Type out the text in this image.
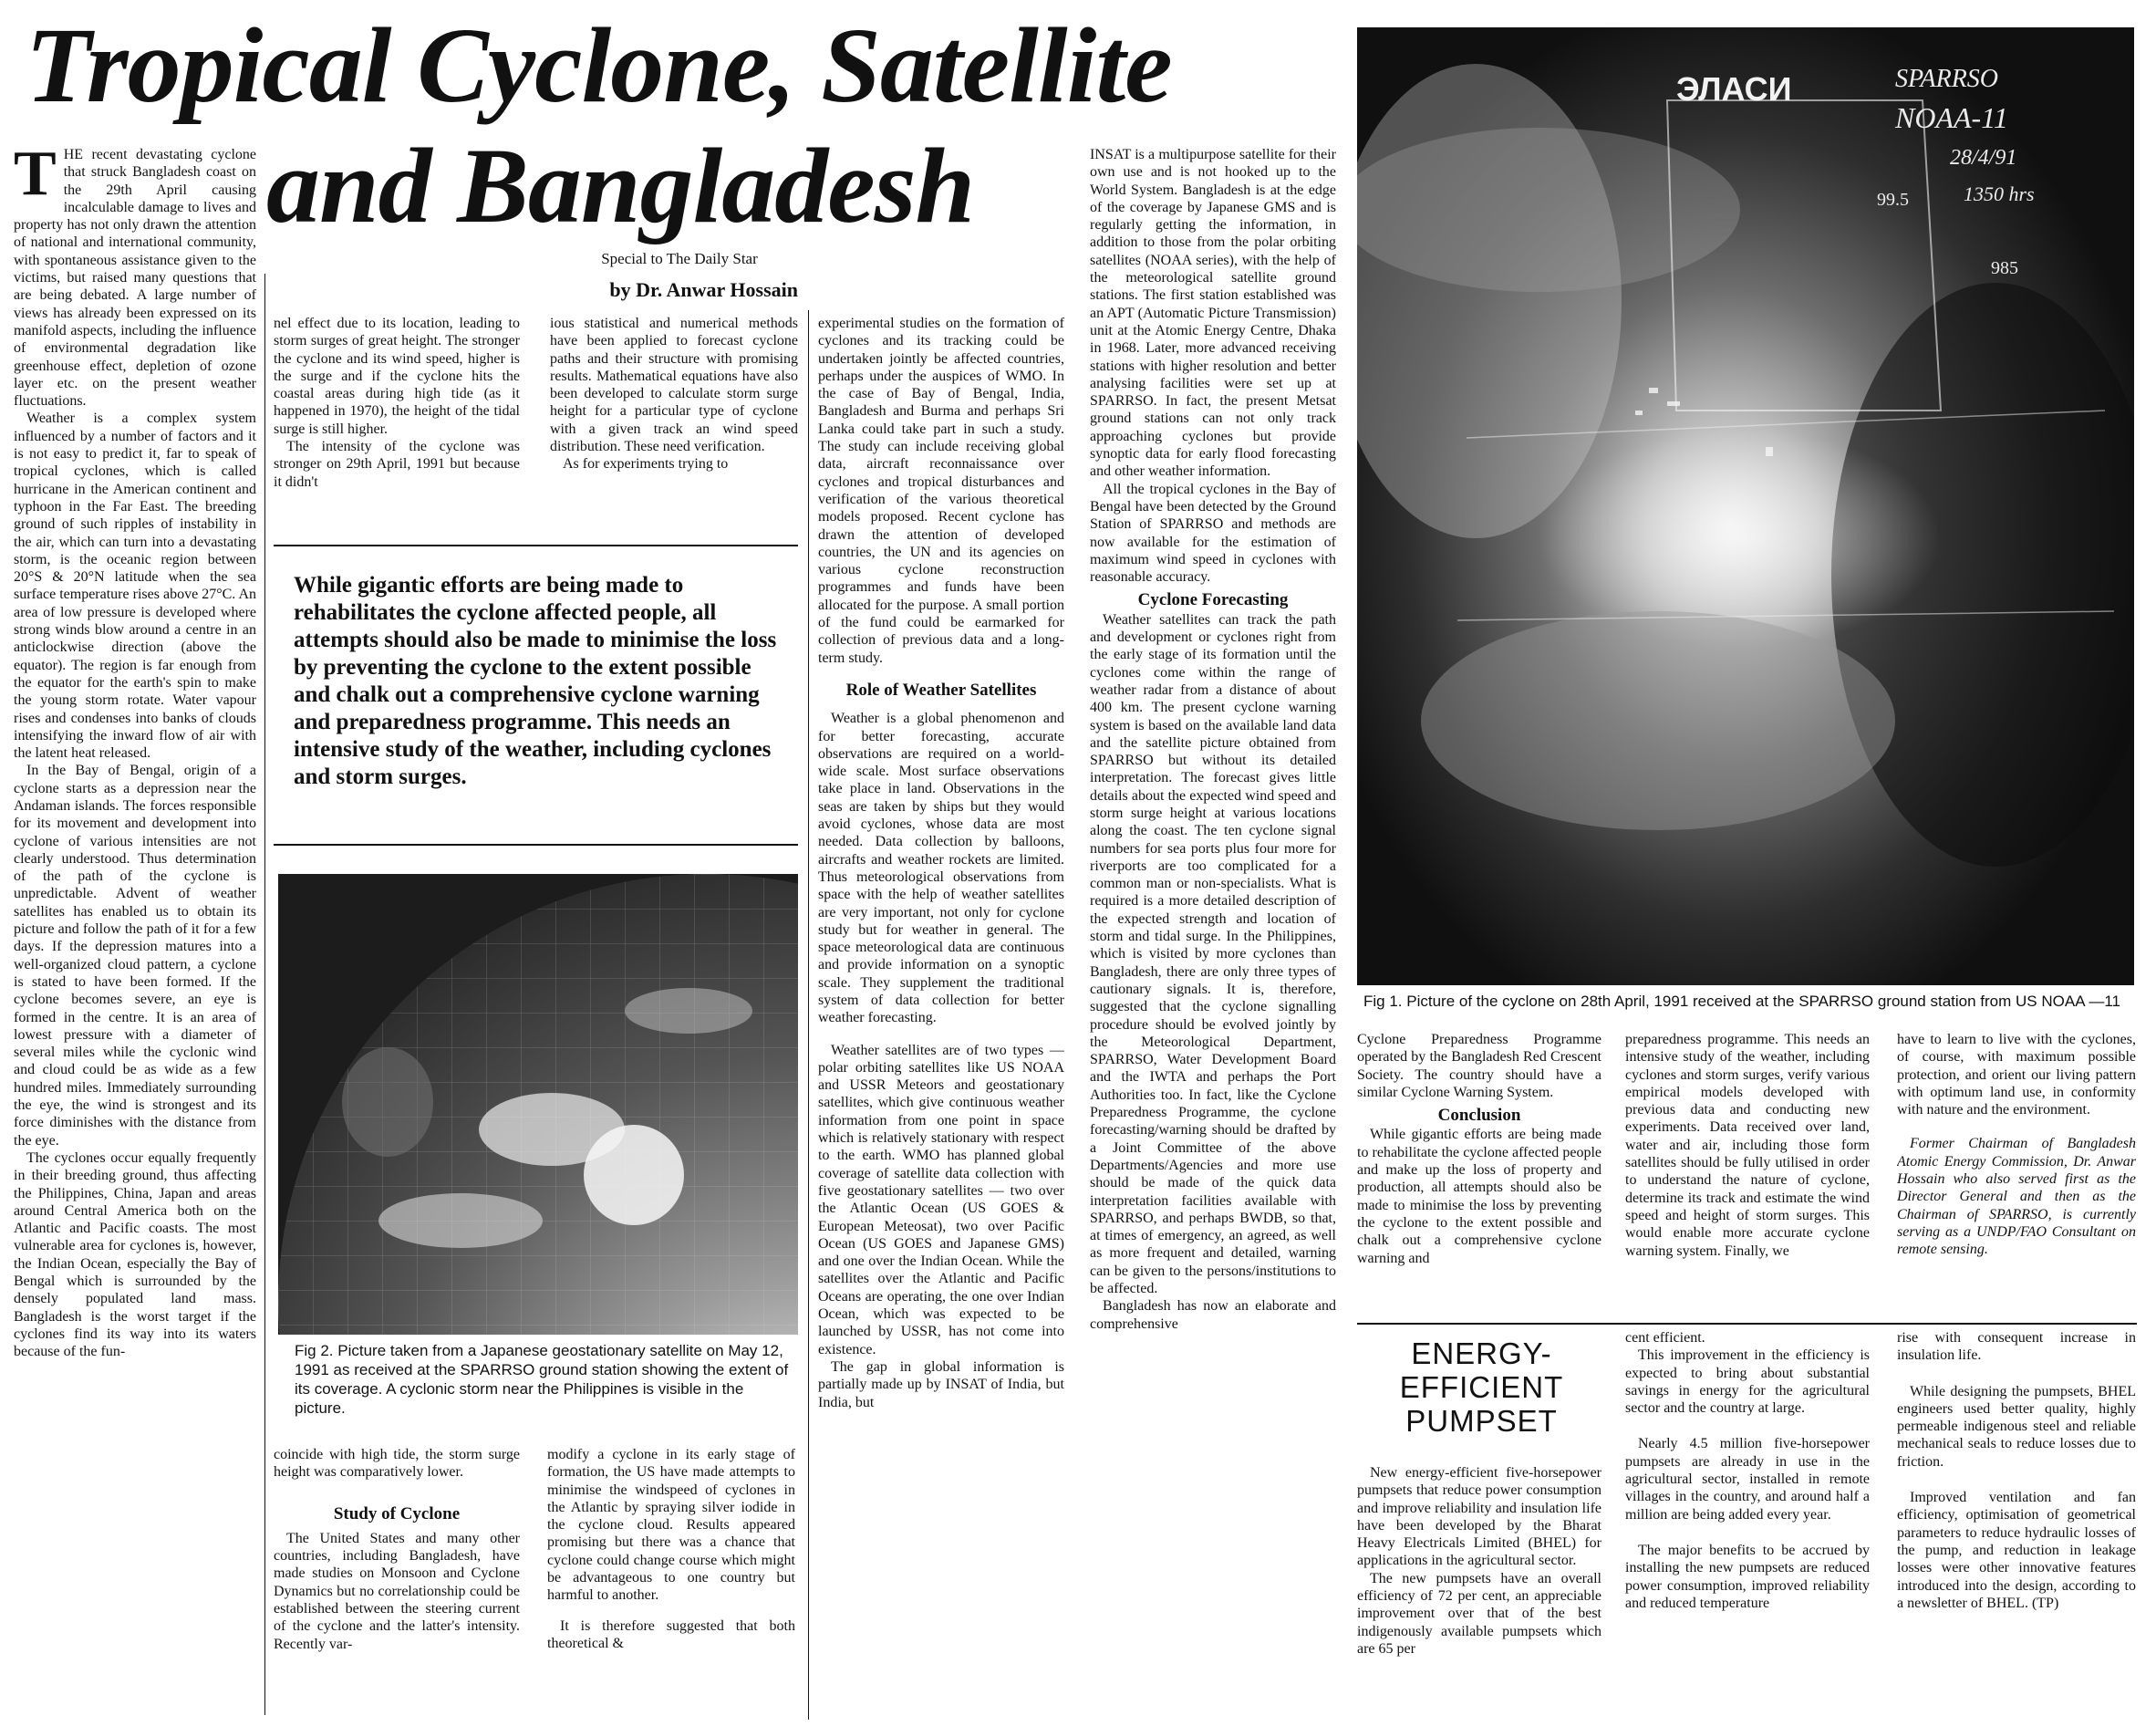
Tropical Cyclone, Satellite
and Bangladesh
T HE recent devastating cyclone that struck Bangladesh coast on the 29th April causing incalculable damage to lives and property has not only drawn the attention of national and international community, with spontaneous assistance given to the victims, but raised many questions that are being debated. A large number of views has already been expressed on its manifold aspects, including the influence of environmental degradation like greenhouse effect, depletion of ozone layer etc. on the present weather fluctuations.

Weather is a complex system influenced by a number of factors and it is not easy to predict it, far to speak of tropical cyclones, which is called hurricane in the American continent and typhoon in the Far East. The breeding ground of such ripples of instability in the air, which can turn into a devastating storm, is the oceanic region between 20°S & 20°N latitude when the sea surface temperature rises above 27°C. An area of low pressure is developed where strong winds blow around a centre in an anticlockwise direction (above the equator). The region is far enough from the equator for the earth's spin to make the young storm rotate. Water vapour rises and condenses into banks of clouds intensifying the inward flow of air with the latent heat released.

In the Bay of Bengal, origin of a cyclone starts as a depression near the Andaman islands. The forces responsible for its movement and development into cyclone of various intensities are not clearly understood. Thus determination of the path of the cyclone is unpredictable. Advent of weather satellites has enabled us to obtain its picture and follow the path of it for a few days. If the depression matures into a well-organized cloud pattern, a cyclone is stated to have been formed. If the cyclone becomes severe, an eye is formed in the centre. It is an area of lowest pressure with a diameter of several miles while the cyclonic wind and cloud could be as wide as a few hundred miles. Immediately surrounding the eye, the wind is strongest and its force diminishes with the distance from the eye.

The cyclones occur equally frequently in their breeding ground, thus affecting the Philippines, China, Japan and areas around Central America both on the Atlantic and Pacific coasts. The most vulnerable area for cyclones is, however, the Indian Ocean, especially the Bay of Bengal which is surrounded by the densely populated land mass. Bangladesh is the worst target if the cyclones find its way into its waters because of the fun-

Special to The Daily Star
by Dr. Anwar Hossain

nel effect due to its location, leading to storm surges of great height. The stronger the cyclone and its wind speed, higher is the surge and if the cyclone hits the coastal areas during high tide (as it happened in 1970), the height of the tidal surge is still higher.

The intensity of the cyclone was stronger on 29th April, 1991 but because it didn't

ious statistical and numerical methods have been applied to forecast cyclone paths and their structure with promising results. Mathematical equations have also been developed to calculate storm surge height for a particular type of cyclone with a given track an wind speed distribution. These need verification.

As for experiments trying to

While gigantic efforts are being made to rehabilitates the cyclone affected people, all attempts should also be made to minimise the loss by preventing the cyclone to the extent possible and chalk out a comprehensive cyclone warning and preparedness programme. This needs an intensive study of the weather, including cyclones and storm surges.
Fig 2. Picture taken from a Japanese geostationary satellite on May 12, 1991 as received at the SPARRSO ground station showing the extent of its coverage. A cyclonic storm near the Philippines is visible in the picture.

coincide with high tide, the storm surge height was comparatively lower.

Study of Cyclone

The United States and many other countries, including Bangladesh, have made studies on Monsoon and Cyclone Dynamics but no correlationship could be established between the steering current of the cyclone and the latter's intensity. Recently var-

modify a cyclone in its early stage of formation, the US have made attempts to minimise the windspeed of cyclones in the Atlantic by spraying silver iodide in the cyclone cloud. Results appeared promising but there was a chance that cyclone could change course which might be advantageous to one country but harmful to another.

It is therefore suggested that both theoretical &

experimental studies on the formation of cyclones and its tracking could be undertaken jointly be affected countries, perhaps under the auspices of WMO. In the case of Bay of Bengal, India, Bangladesh and Burma and perhaps Sri Lanka could take part in such a study. The study can include receiving global data, aircraft reconnaissance over cyclones and tropical disturbances and verification of the various theoretical models proposed. Recent cyclone has drawn the attention of developed countries, the UN and its agencies on various cyclone reconstruction programmes and funds have been allocated for the purpose. A small portion of the fund could be earmarked for collection of previous data and a long-term study.

Role of Weather Satellites

Weather is a global phenomenon and for better forecasting, accurate observations are required on a world-wide scale. Most surface observations take place in land. Observations in the seas are taken by ships but they would avoid cyclones, whose data are most needed. Data collection by balloons, aircrafts and weather rockets are limited. Thus meteorological observations from space with the help of weather satellites are very important, not only for cyclone study but for weather in general. The space meteorological data are continuous and provide information on a synoptic scale. They supplement the traditional system of data collection for better weather forecasting.

Weather satellites are of two types — polar orbiting satellites like US NOAA and USSR Meteors and geostationary satellites, which give continuous weather information from one point in space which is relatively stationary with respect to the earth. WMO has planned global coverage of satellite data collection with five geostationary satellites — two over the Atlantic Ocean (US GOES & European Meteosat), two over Pacific Ocean (US GOES and Japanese GMS) and one over the Indian Ocean. While the satellites over the Atlantic and Pacific Oceans are operating, the one over Indian Ocean, which was expected to be launched by USSR, has not come into existence.

The gap in global information is partially made up by INSAT of India, but India, but

INSAT is a multipurpose satellite for their own use and is not hooked up to the World System. Bangladesh is at the edge of the coverage by Japanese GMS and is regularly getting the information, in addition to those from the polar orbiting satellites (NOAA series), with the help of the meteorological satellite ground stations. The first station established was an APT (Automatic Picture Transmission) unit at the Atomic Energy Centre, Dhaka in 1968. Later, more advanced receiving stations with higher resolution and better analysing facilities were set up at SPARRSO. In fact, the present Metsat ground stations can not only track approaching cyclones but provide synoptic data for early flood forecasting and other weather information.

All the tropical cyclones in the Bay of Bengal have been detected by the Ground Station of SPARRSO and methods are now available for the estimation of maximum wind speed in cyclones with reasonable accuracy.

Cyclone Forecasting

Weather satellites can track the path and development or cyclones right from the early stage of its formation until the cyclones come within the range of weather radar from a distance of about 400 km. The present cyclone warning system is based on the available land data and the satellite picture obtained from SPARRSO but without its detailed interpretation. The forecast gives little details about the expected wind speed and storm surge height at various locations along the coast. The ten cyclone signal numbers for sea ports plus four more for riverports are too complicated for a common man or non-specialists. What is required is a more detailed description of the expected strength and location of storm and tidal surge. In the Philippines, which is visited by more cyclones than Bangladesh, there are only three types of cautionary signals. It is, therefore, suggested that the cyclone signalling procedure should be evolved jointly by the Meteorological Department, SPARRSO, Water Development Board and the IWTA and perhaps the Port Authorities too. In fact, like the Cyclone Preparedness Programme, the cyclone forecasting/warning should be drafted by a Joint Committee of the above Departments/Agencies and more use should be made of the quick data interpretation facilities available with SPARRSO, and perhaps BWDB, so that, at times of emergency, an agreed, as well as more frequent and detailed, warning can be given to the persons/institutions to be affected.

Bangladesh has now an elaborate and comprehensive

ЭЛАСИ	SPARRSO
NOAA-11
28/4/91
1350 hrs
99.5
985
Fig 1. Picture of the cyclone on 28th April, 1991 received at the SPARRSO ground station from US NOAA —11

Cyclone Preparedness Programme operated by the Bangladesh Red Crescent Society. The country should have a similar Cyclone Warning System.

Conclusion

While gigantic efforts are being made to rehabilitate the cyclone affected people and make up the loss of property and production, all attempts should also be made to minimise the loss by preventing the cyclone to the extent possible and chalk out a comprehensive cyclone warning and

preparedness programme. This needs an intensive study of the weather, including cyclones and storm surges, verify various empirical models developed with previous data and conducting new experiments. Data received over land, water and air, including those form satellites should be fully utilised in order to understand the nature of cyclone, determine its track and estimate the wind speed and height of storm surges. This would enable more accurate cyclone warning system. Finally, we

have to learn to live with the cyclones, of course, with maximum possible protection, and orient our living pattern with optimum land use, in conformity with nature and the environment.

Former Chairman of Bangladesh Atomic Energy Commission, Dr. Anwar Hossain who also served first as the Director General and then as the Chairman of SPARRSO, is currently serving as a UNDP/FAO Consultant on remote sensing.

ENERGY-
EFFICIENT
PUMPSET

New energy-efficient five-horsepower pumpsets that reduce power consumption and improve reliability and insulation life have been developed by the Bharat Heavy Electricals Limited (BHEL) for applications in the agricultural sector.

The new pumpsets have an overall efficiency of 72 per cent, an appreciable improvement over that of the best indigenously available pumpsets which are 65 per

cent efficient.

This improvement in the efficiency is expected to bring about substantial savings in energy for the agricultural sector and the country at large.

Nearly 4.5 million five-horsepower pumpsets are already in use in the agricultural sector, installed in remote villages in the country, and around half a million are being added every year.

The major benefits to be accrued by installing the new pumpsets are reduced power consumption, improved reliability and reduced temperature

rise with consequent increase in insulation life.

While designing the pumpsets, BHEL engineers used better quality, highly permeable indigenous steel and reliable mechanical seals to reduce losses due to friction.

Improved ventilation and fan efficiency, optimisation of geometrical parameters to reduce hydraulic losses of the pump, and reduction in leakage losses were other innovative features introduced into the design, according to a newsletter of BHEL. (TP)
